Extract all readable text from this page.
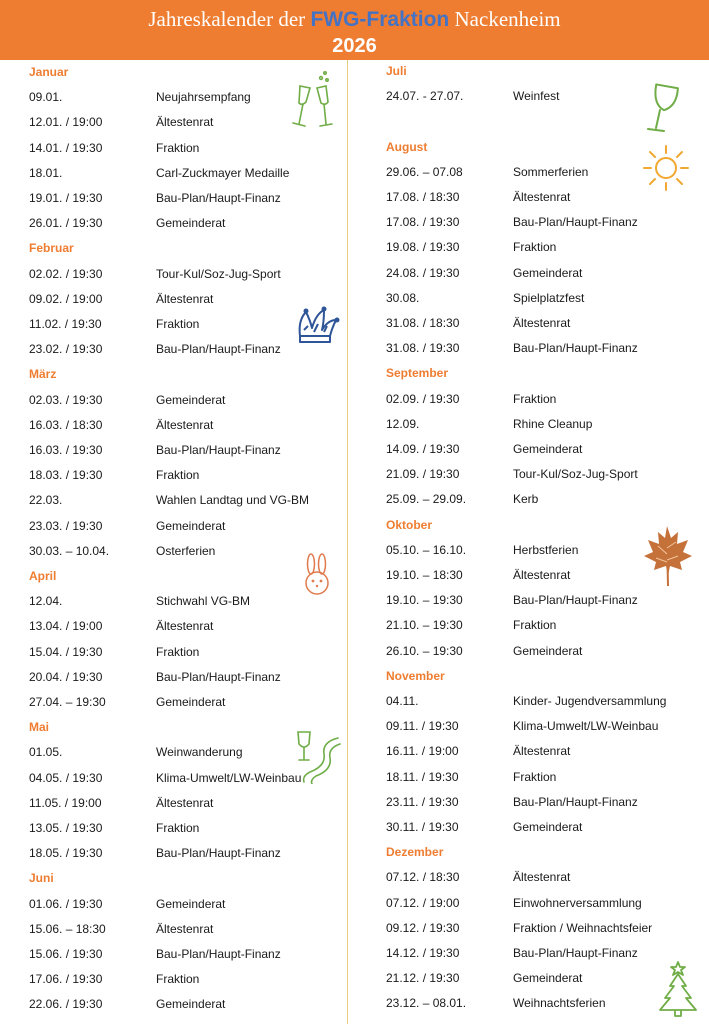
Jahreskalender der FWG-Fraktion Nackenheim
2026
Januar
09.01.	Neujahrsempfang
12.01. / 19:00	Ältestenrat
14.01. / 19:30	Fraktion
18.01.	Carl-Zuckmayer Medaille
19.01. / 19:30	Bau-Plan/Haupt-Finanz
26.01. / 19:30	Gemeinderat
Februar
02.02. / 19:30	Tour-Kul/Soz-Jug-Sport
09.02. / 19:00	Ältestenrat
11.02. / 19:30	Fraktion
23.02. / 19:30	Bau-Plan/Haupt-Finanz
März
02.03. / 19:30	Gemeinderat
16.03. / 18:30	Ältestenrat
16.03. / 19:30	Bau-Plan/Haupt-Finanz
18.03. / 19:30	Fraktion
22.03.	Wahlen Landtag und VG-BM
23.03. / 19:30	Gemeinderat
30.03. – 10.04.	Osterferien
April
12.04.	Stichwahl VG-BM
13.04. / 19:00	Ältestenrat
15.04. / 19:30	Fraktion
20.04. / 19:30	Bau-Plan/Haupt-Finanz
27.04. – 19:30	Gemeinderat
Mai
01.05.	Weinwanderung
04.05. / 19:30	Klima-Umwelt/LW-Weinbau
11.05. / 19:00	Ältestenrat
13.05. / 19:30	Fraktion
18.05. / 19:30	Bau-Plan/Haupt-Finanz
Juni
01.06. / 19:30	Gemeinderat
15.06. – 18:30	Ältestenrat
15.06. / 19:30	Bau-Plan/Haupt-Finanz
17.06. / 19:30	Fraktion
22.06. / 19:30	Gemeinderat
Juli
24.07. - 27.07.	Weinfest
August
29.06. – 07.08	Sommerferien
17.08. / 18:30	Ältestenrat
17.08. / 19:30	Bau-Plan/Haupt-Finanz
19.08. / 19:30	Fraktion
24.08. / 19:30	Gemeinderat
30.08.	Spielplatzfest
31.08. / 18:30	Ältestenrat
31.08. / 19:30	Bau-Plan/Haupt-Finanz
September
02.09. / 19:30	Fraktion
12.09.	Rhine Cleanup
14.09. / 19:30	Gemeinderat
21.09. / 19:30	Tour-Kul/Soz-Jug-Sport
25.09. – 29.09.	Kerb
Oktober
05.10. – 16.10.	Herbstferien
19.10. – 18:30	Ältestenrat
19.10. – 19:30	Bau-Plan/Haupt-Finanz
21.10. – 19:30	Fraktion
26.10. – 19:30	Gemeinderat
November
04.11.	Kinder- Jugendversammlung
09.11. / 19:30	Klima-Umwelt/LW-Weinbau
16.11. / 19:00	Ältestenrat
18.11. / 19:30	Fraktion
23.11. / 19:30	Bau-Plan/Haupt-Finanz
30.11. / 19:30	Gemeinderat
Dezember
07.12. / 18:30	Ältestenrat
07.12. / 19:00	Einwohnerversammlung
09.12. / 19:30	Fraktion / Weihnachtsfeier
14.12. / 19:30	Bau-Plan/Haupt-Finanz
21.12. / 19:30	Gemeinderat
23.12. – 08.01.	Weihnachtsferien
